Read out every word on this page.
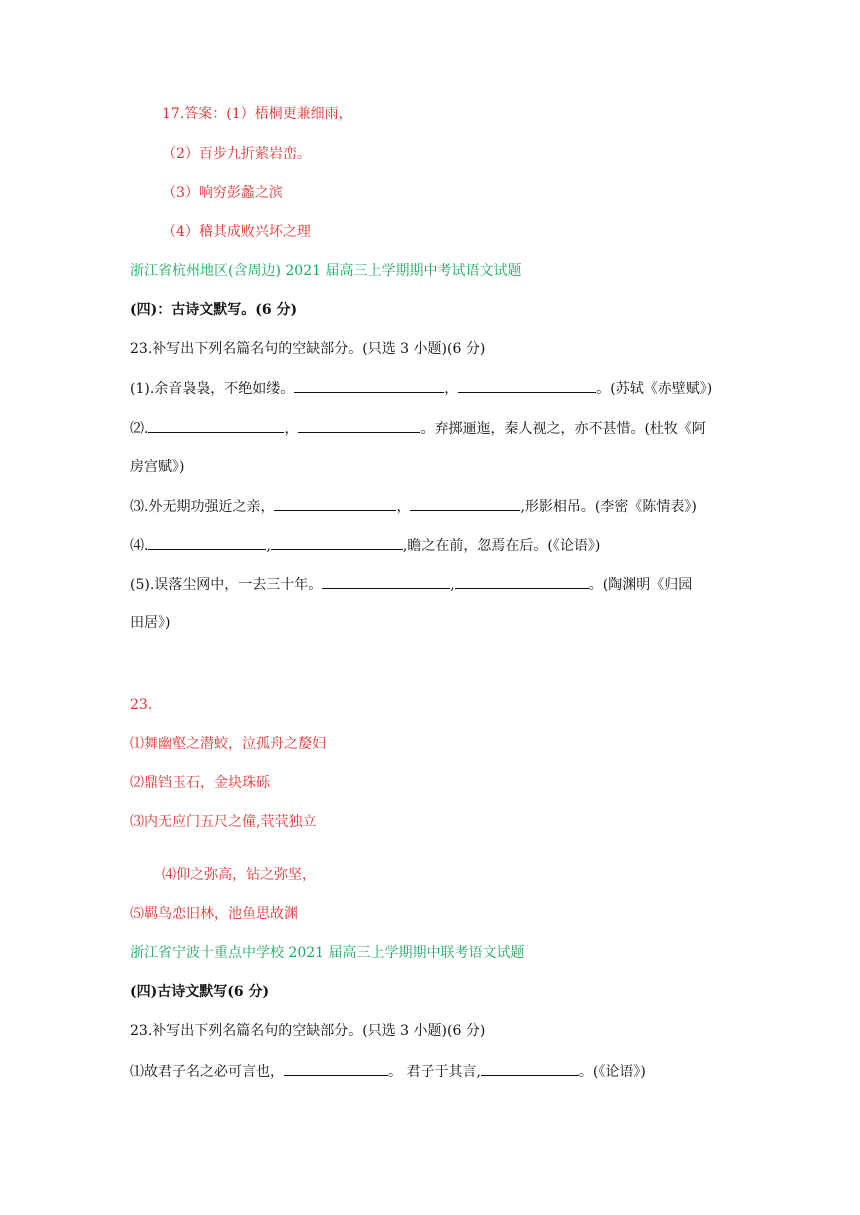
17.答案：(1）梧桐更兼细雨，
（2）百步九折萦岩峦。
（3）响穷彭蠡之滨
（4）稽其成败兴坏之理
浙江省杭州地区(含周边) 2021 届高三上学期期中考试语文试题
(四)：古诗文默写。(6 分)
23.补写出下列名篇名句的空缺部分。(只选 3 小题)(6 分)
(1).余音袅袅，不绝如缕。	，	。(苏轼《赤壁赋》)
⑵.	，	。弃掷逦迤，秦人视之，亦不甚惜。(杜牧《阿
房宫赋》)
⑶.外无期功强近之亲，	，	,形影相吊。(李密《陈情表》)
⑷.	,	,瞻之在前，忽焉在后。(《论语》)
(5).误落尘网中，一去三十年。	,	。(陶渊明《归园
田居》)
23.
⑴舞幽壑之潜蛟，泣孤舟之嫠妇
⑵鼎铛玉石，金块珠砾
⑶内无应门五尺之僮,茕茕独立
⑷仰之弥高，钻之弥坚，
⑸羁鸟恋旧林，池鱼思故渊
浙江省宁波十重点中学校 2021 届高三上学期期中联考语文试题
(四)古诗文默写(6 分)
23.补写出下列名篇名句的空缺部分。(只选 3 小题)(6 分)
⑴故君子名之必可言也，	。 君子于其言,	。(《论语》)
